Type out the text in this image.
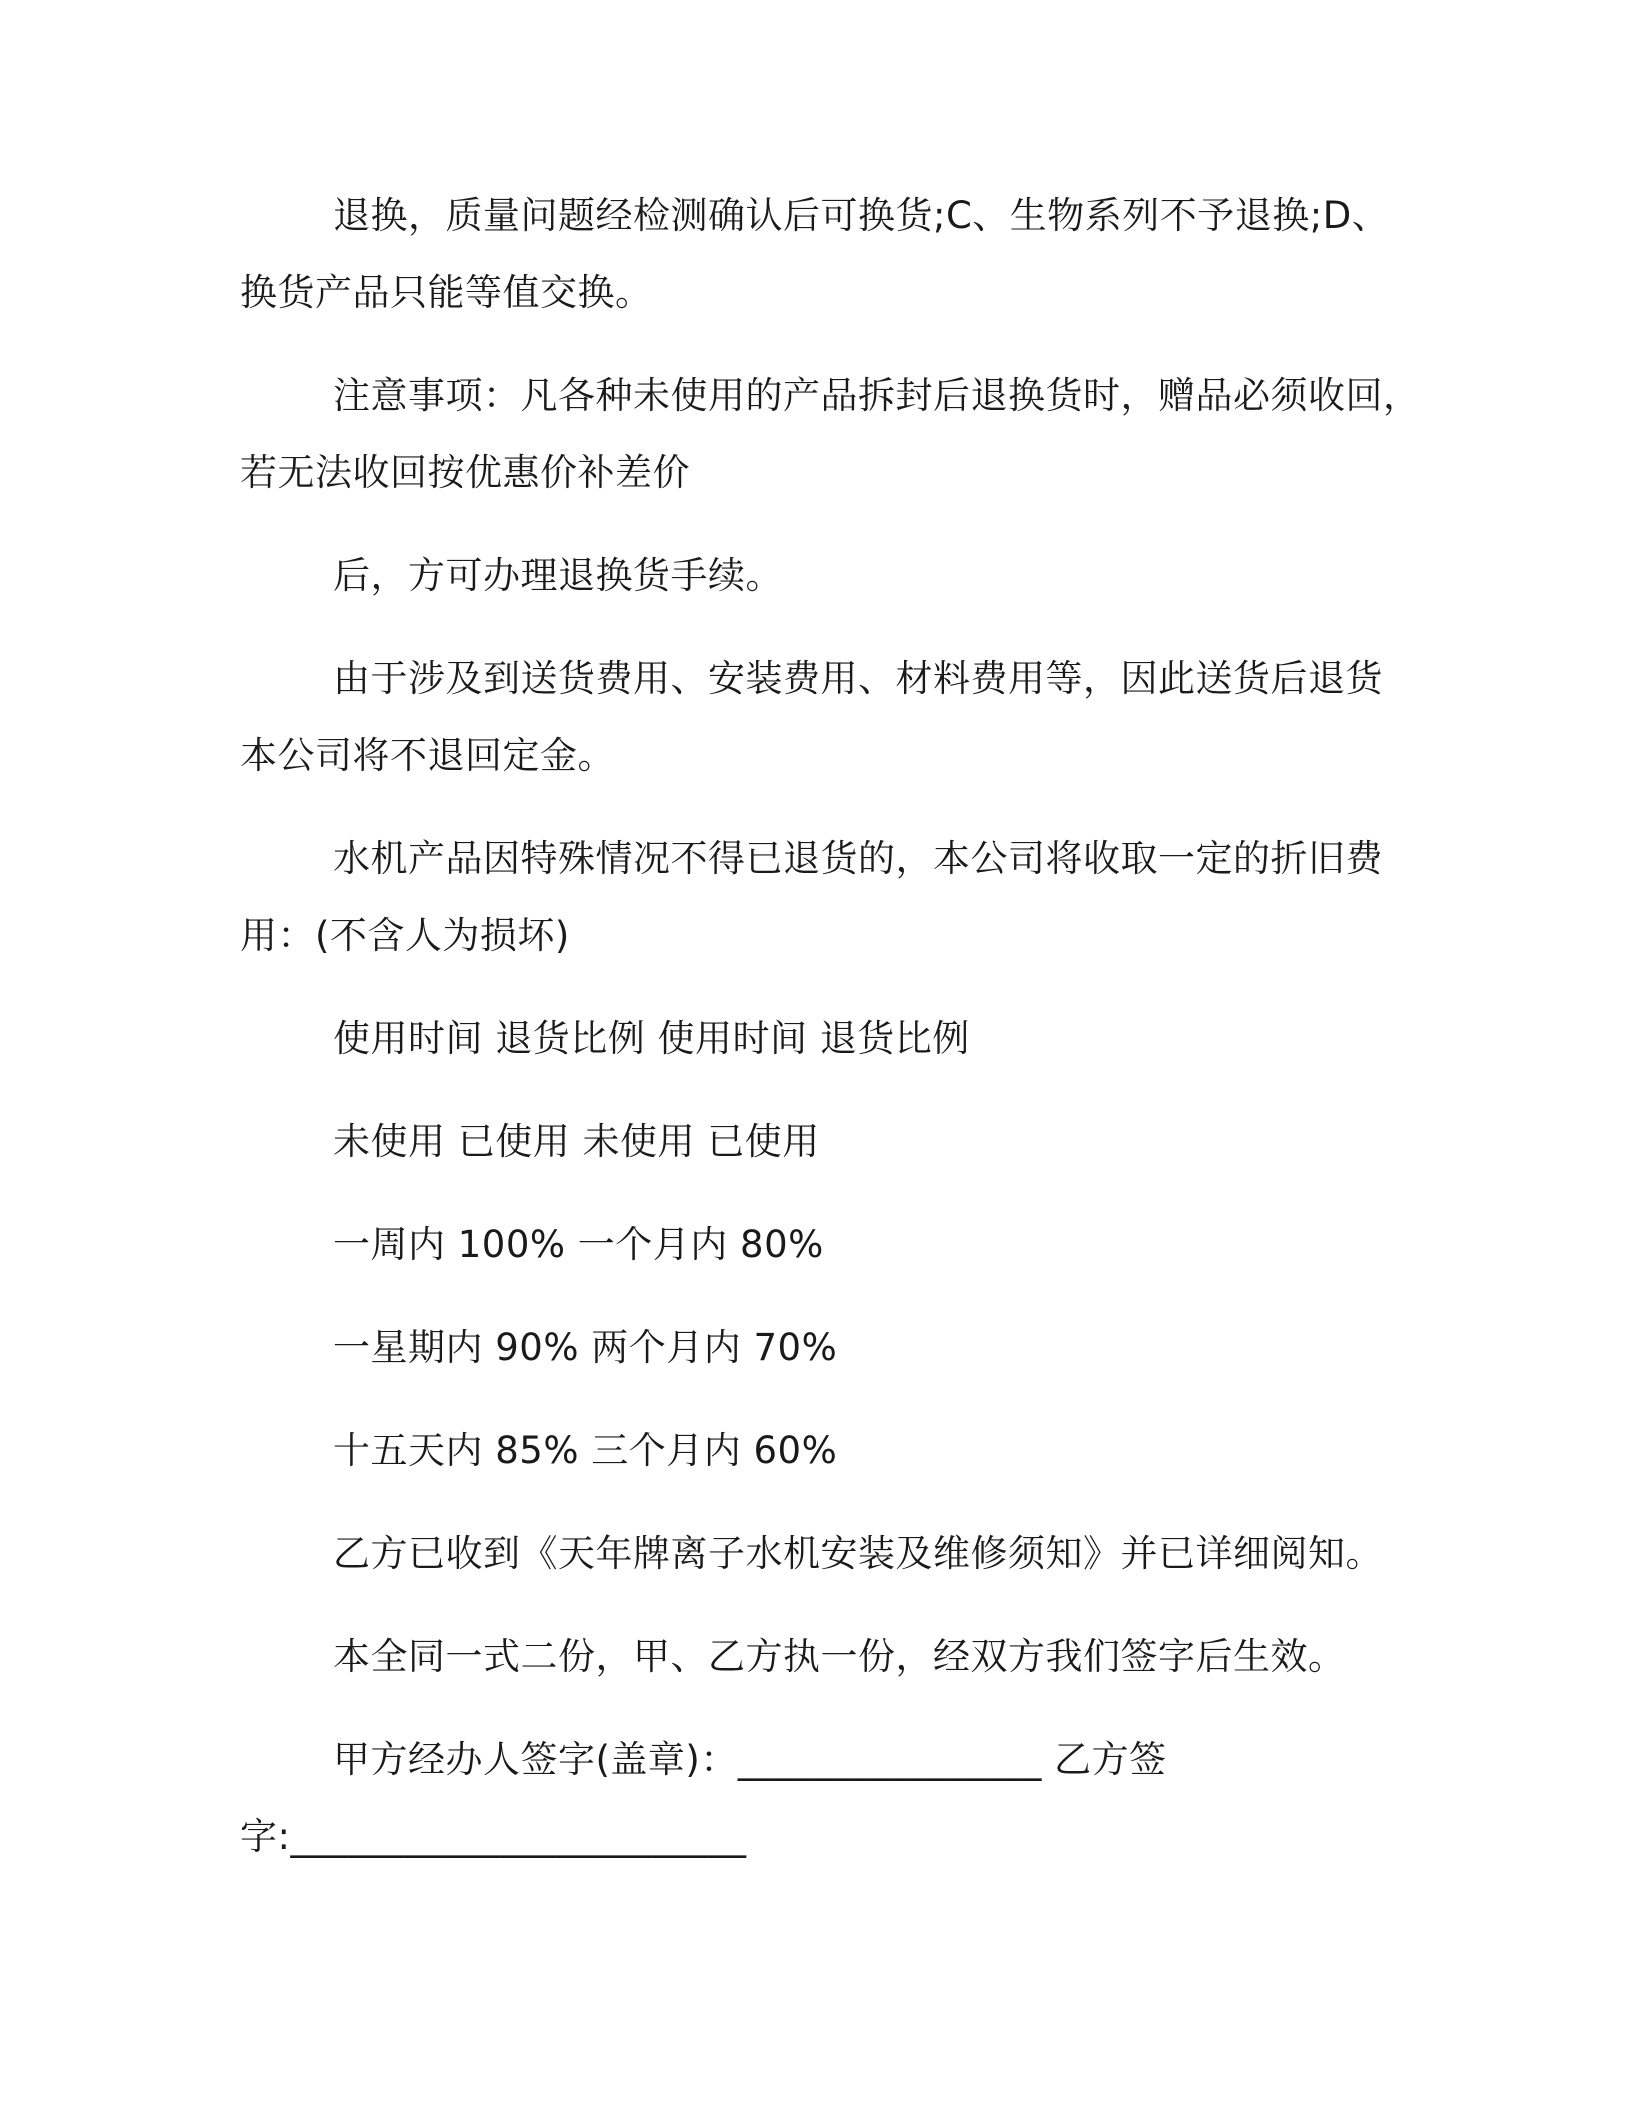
退换，质量问题经检测确认后可换货;C、生物系列不予退换;D、
换货产品只能等值交换。
注意事项：凡各种未使用的产品拆封后退换货时，赠品必须收回，
若无法收回按优惠价补差价
后，方可办理退换货手续。
由于涉及到送货费用、安装费用、材料费用等，因此送货后退货
本公司将不退回定金。
水机产品因特殊情况不得已退货的，本公司将收取一定的折旧费
用：(不含人为损坏)
使用时间 退货比例 使用时间 退货比例
未使用 已使用 未使用 已使用
一周内 100% 一个月内 80%
一星期内 90% 两个月内 70%
十五天内 85% 三个月内 60%
乙方已收到《天年牌离子水机安装及维修须知》并已详细阅知。
本全同一式二份，甲、乙方执一份，经双方我们签字后生效。
甲方经办人签字(盖章)：________________ 乙方签
字:________________________
